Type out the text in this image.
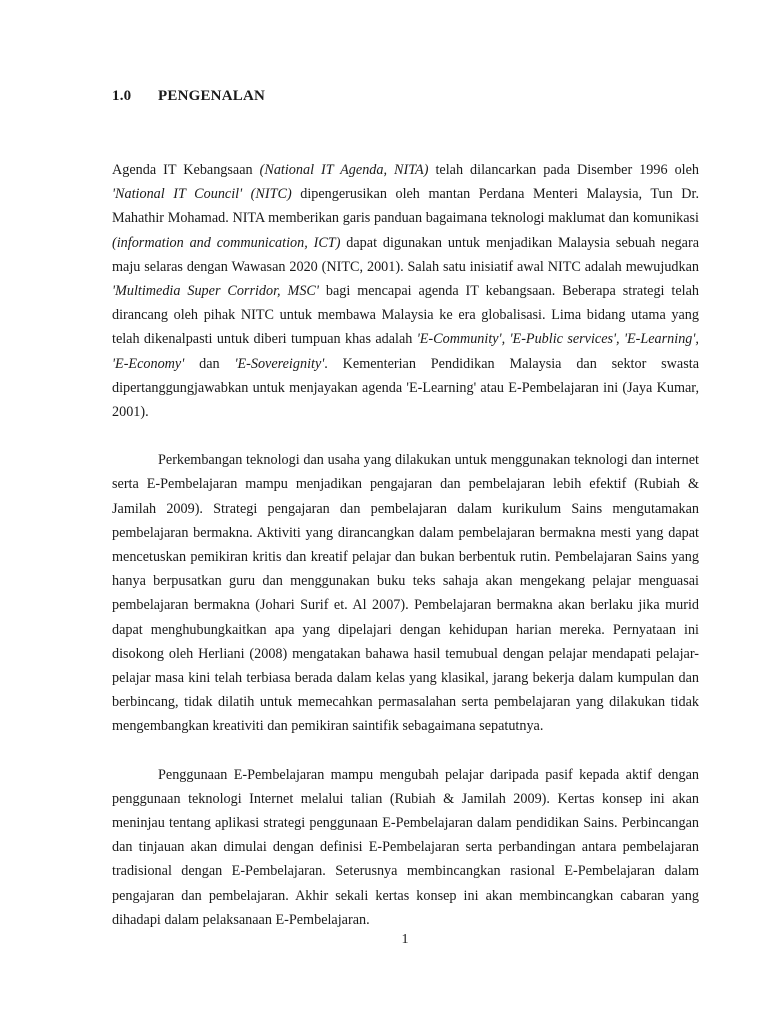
1.0 PENGENALAN

Agenda IT Kebangsaan (National IT Agenda, NITA) telah dilancarkan pada Disember 1996 oleh 'National IT Council' (NITC) dipengerusikan oleh mantan Perdana Menteri Malaysia, Tun Dr. Mahathir Mohamad. NITA memberikan garis panduan bagaimana teknologi maklumat dan komunikasi (information and communication, ICT) dapat digunakan untuk menjadikan Malaysia sebuah negara maju selaras dengan Wawasan 2020 (NITC, 2001). Salah satu inisiatif awal NITC adalah mewujudkan 'Multimedia Super Corridor, MSC' bagi mencapai agenda IT kebangsaan. Beberapa strategi telah dirancang oleh pihak NITC untuk membawa Malaysia ke era globalisasi. Lima bidang utama yang telah dikenalpasti untuk diberi tumpuan khas adalah 'E-Community', 'E-Public services', 'E-Learning', 'E-Economy' dan 'E-Sovereignity'. Kementerian Pendidikan Malaysia dan sektor swasta dipertanggungjawabkan untuk menjayakan agenda 'E-Learning' atau E-Pembelajaran ini (Jaya Kumar, 2001).

Perkembangan teknologi dan usaha yang dilakukan untuk menggunakan teknologi dan internet serta E-Pembelajaran mampu menjadikan pengajaran dan pembelajaran lebih efektif (Rubiah & Jamilah 2009). Strategi pengajaran dan pembelajaran dalam kurikulum Sains mengutamakan pembelajaran bermakna. Aktiviti yang dirancangkan dalam pembelajaran bermakna mesti yang dapat mencetuskan pemikiran kritis dan kreatif pelajar dan bukan berbentuk rutin. Pembelajaran Sains yang hanya berpusatkan guru dan menggunakan buku teks sahaja akan mengekang pelajar menguasai pembelajaran bermakna (Johari Surif et. Al 2007). Pembelajaran bermakna akan berlaku jika murid dapat menghubungkaitkan apa yang dipelajari dengan kehidupan harian mereka. Pernyataan ini disokong oleh Herliani (2008) mengatakan bahawa hasil temubual dengan pelajar mendapati pelajar-pelajar masa kini telah terbiasa berada dalam kelas yang klasikal, jarang bekerja dalam kumpulan dan berbincang, tidak dilatih untuk memecahkan permasalahan serta pembelajaran yang dilakukan tidak mengembangkan kreativiti dan pemikiran saintifik sebagaimana sepatutnya.

Penggunaan E-Pembelajaran mampu mengubah pelajar daripada pasif kepada aktif dengan penggunaan teknologi Internet melalui talian (Rubiah & Jamilah 2009). Kertas konsep ini akan meninjau tentang aplikasi strategi penggunaan E-Pembelajaran dalam pendidikan Sains. Perbincangan dan tinjauan akan dimulai dengan definisi E-Pembelajaran serta perbandingan antara pembelajaran tradisional dengan E-Pembelajaran. Seterusnya membincangkan rasional E-Pembelajaran dalam pengajaran dan pembelajaran. Akhir sekali kertas konsep ini akan membincangkan cabaran yang dihadapi dalam pelaksanaan E-Pembelajaran.

1
